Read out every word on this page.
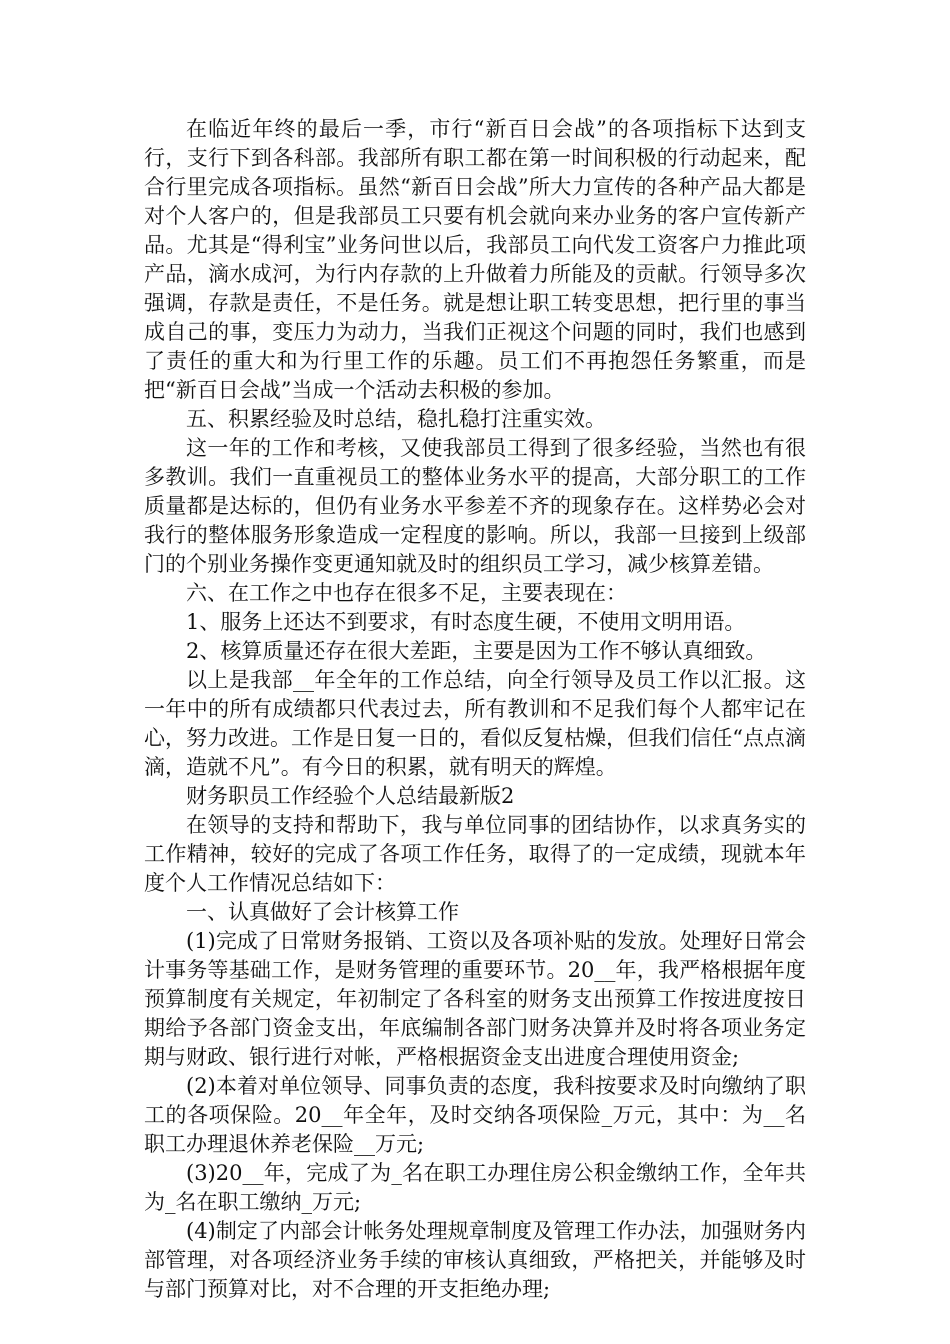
在临近年终的最后一季，市行“新百日会战”的各项指标下达到支行，支行下到各科部。我部所有职工都在第一时间积极的行动起来，配合行里完成各项指标。虽然“新百日会战”所大力宣传的各种产品大都是对个人客户的，但是我部员工只要有机会就向来办业务的客户宣传新产品。尤其是“得利宝”业务问世以后，我部员工向代发工资客户力推此项产品，滴水成河，为行内存款的上升做着力所能及的贡献。行领导多次强调，存款是责任，不是任务。就是想让职工转变思想，把行里的事当成自己的事，变压力为动力，当我们正视这个问题的同时，我们也感到了责任的重大和为行里工作的乐趣。员工们不再抱怨任务繁重，而是把“新百日会战”当成一个活动去积极的参加。

五、积累经验及时总结，稳扎稳打注重实效。

这一年的工作和考核，又使我部员工得到了很多经验，当然也有很多教训。我们一直重视员工的整体业务水平的提高，大部分职工的工作质量都是达标的，但仍有业务水平参差不齐的现象存在。这样势必会对我行的整体服务形象造成一定程度的影响。所以，我部一旦接到上级部门的个别业务操作变更通知就及时的组织员工学习，减少核算差错。

六、在工作之中也存在很多不足，主要表现在：

1、服务上还达不到要求，有时态度生硬，不使用文明用语。

2、核算质量还存在很大差距，主要是因为工作不够认真细致。

以上是我部__年全年的工作总结，向全行领导及员工作以汇报。这一年中的所有成绩都只代表过去，所有教训和不足我们每个人都牢记在心，努力改进。工作是日复一日的，看似反复枯燥，但我们信任“点点滴滴，造就不凡”。有今日的积累，就有明天的辉煌。

财务职员工作经验个人总结最新版2

在领导的支持和帮助下，我与单位同事的团结协作，以求真务实的工作精神，较好的完成了各项工作任务，取得了的一定成绩，现就本年度个人工作情况总结如下：

一、认真做好了会计核算工作

(1)完成了日常财务报销、工资以及各项补贴的发放。处理好日常会计事务等基础工作，是财务管理的重要环节。20__年，我严格根据年度预算制度有关规定，年初制定了各科室的财务支出预算工作按进度按日期给予各部门资金支出，年底编制各部门财务决算并及时将各项业务定期与财政、银行进行对帐，严格根据资金支出进度合理使用资金;

(2)本着对单位领导、同事负责的态度，我科按要求及时向缴纳了职工的各项保险。20__年全年，及时交纳各项保险_万元，其中：为__名职工办理退休养老保险__万元;

(3)20__年，完成了为_名在职工办理住房公积金缴纳工作，全年共为_名在职工缴纳_万元;

(4)制定了内部会计帐务处理规章制度及管理工作办法，加强财务内部管理，对各项经济业务手续的审核认真细致，严格把关，并能够及时与部门预算对比，对不合理的开支拒绝办理;
